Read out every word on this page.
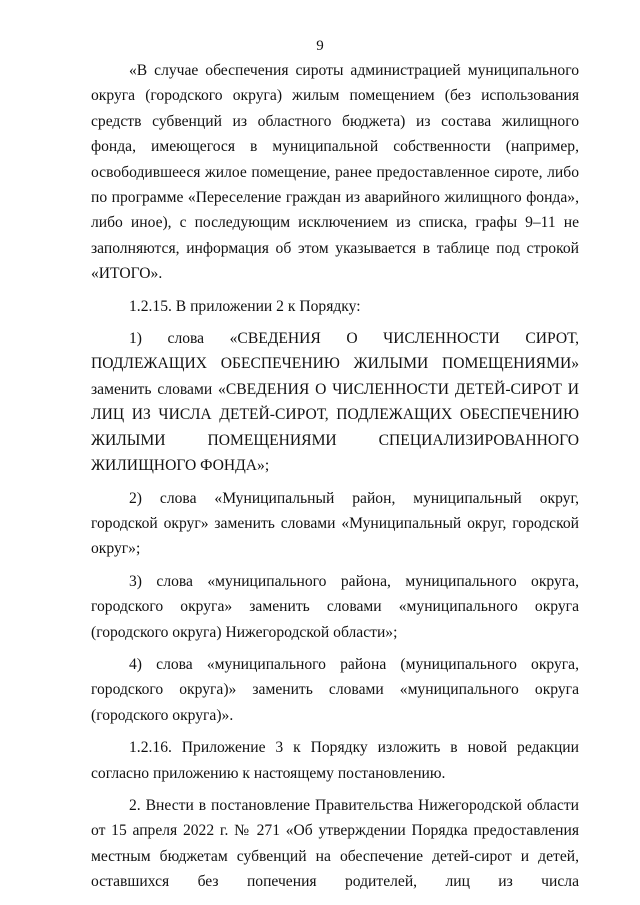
9

«В случае обеспечения сироты администрацией муниципального округа (городского округа) жилым помещением (без использования средств субвенций из областного бюджета) из состава жилищного фонда, имеющегося в муниципальной собственности (например, освободившееся жилое помещение, ранее предоставленное сироте, либо по программе «Переселение граждан из аварийного жилищного фонда», либо иное), с последующим исключением из списка, графы 9–11 не заполняются, информация об этом указывается в таблице под строкой «ИТОГО».

1.2.15. В приложении 2 к Порядку:

1) слова «СВЕДЕНИЯ О ЧИСЛЕННОСТИ СИРОТ, ПОДЛЕЖАЩИХ ОБЕСПЕЧЕНИЮ ЖИЛЫМИ ПОМЕЩЕНИЯМИ» заменить словами «СВЕДЕНИЯ О ЧИСЛЕННОСТИ ДЕТЕЙ-СИРОТ И ЛИЦ ИЗ ЧИСЛА ДЕТЕЙ-СИРОТ, ПОДЛЕЖАЩИХ ОБЕСПЕЧЕНИЮ ЖИЛЫМИ ПОМЕЩЕНИЯМИ СПЕЦИАЛИЗИРОВАННОГО ЖИЛИЩНОГО ФОНДА»;

2) слова «Муниципальный район, муниципальный округ, городской округ» заменить словами «Муниципальный округ, городской округ»;

3) слова «муниципального района, муниципального округа, городского округа» заменить словами «муниципального округа (городского округа) Нижегородской области»;

4) слова «муниципального района (муниципального округа, городского округа)» заменить словами «муниципального округа (городского округа)».

1.2.16. Приложение 3 к Порядку изложить в новой редакции согласно приложению к настоящему постановлению.

2. Внести в постановление Правительства Нижегородской области от 15 апреля 2022 г. № 271 «Об утверждении Порядка предоставления местным бюджетам субвенций на обеспечение детей-сирот и детей, оставшихся без попечения родителей, лиц из числа
